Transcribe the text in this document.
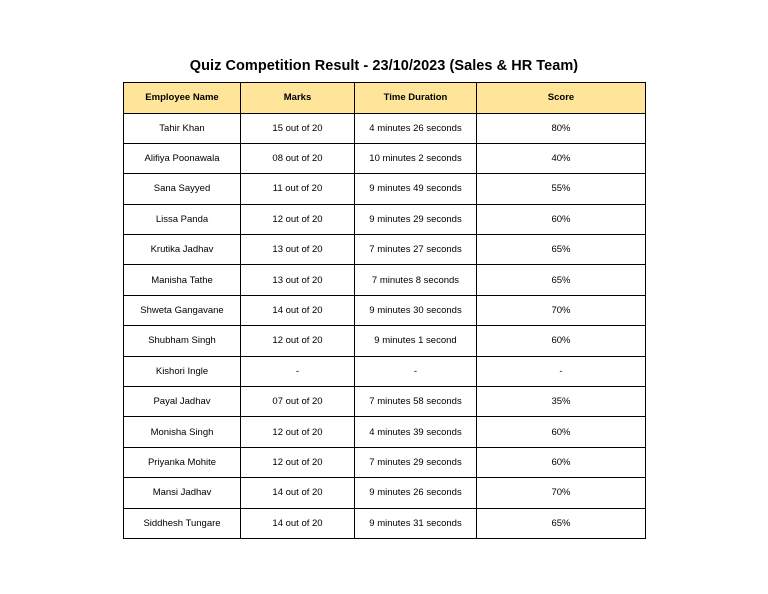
Quiz Competition Result - 23/10/2023 (Sales & HR Team)
Employee Name	Marks	Time Duration	Score
Tahir Khan	15 out of 20	4 minutes 26 seconds	80%
Alifiya Poonawala	08 out of 20	10 minutes 2 seconds	40%
Sana Sayyed	11 out of 20	9 minutes 49 seconds	55%
Lissa Panda	12 out of 20	9 minutes 29 seconds	60%
Krutika Jadhav	13 out of 20	7 minutes 27 seconds	65%
Manisha Tathe	13 out of 20	7 minutes 8 seconds	65%
Shweta Gangavane	14 out of 20	9 minutes 30 seconds	70%
Shubham Singh	12 out of 20	9 minutes 1 second	60%
Kishori Ingle	-	-	-
Payal Jadhav	07 out of 20	7 minutes 58 seconds	35%
Monisha Singh	12 out of 20	4 minutes 39 seconds	60%
Priyanka Mohite	12 out of 20	7 minutes 29 seconds	60%
Mansi Jadhav	14 out of 20	9 minutes 26 seconds	70%
Siddhesh Tungare	14 out of 20	9 minutes 31 seconds	65%
